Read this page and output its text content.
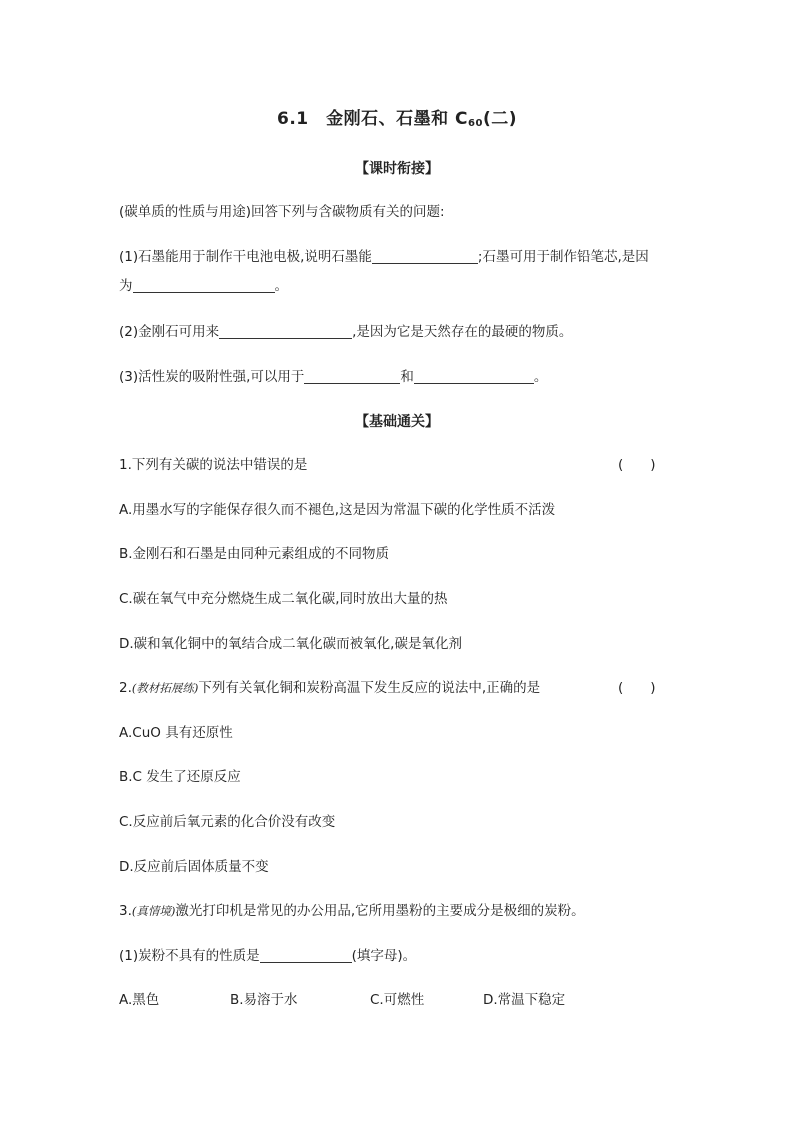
6.1　金刚石、石墨和 $C_{60}$(二)
【课时衔接】
(碳单质的性质与用途)回答下列与含碳物质有关的问题:
(1)石墨能用于制作干电池电极,说明石墨能	;石墨可用于制作铅笔芯,是因
为	。
(2)金刚石可用来	,是因为它是天然存在的最硬的物质。
(3)活性炭的吸附性强,可以用于	和	。
【基础通关】
1.下列有关碳的说法中错误的是	(　　)
A.用墨水写的字能保存很久而不褪色,这是因为常温下碳的化学性质不活泼
B.金刚石和石墨是由同种元素组成的不同物质
C.碳在氧气中充分燃烧生成二氧化碳,同时放出大量的热
D.碳和氧化铜中的氧结合成二氧化碳而被氧化,碳是氧化剂
2.(教材拓展练)下列有关氧化铜和炭粉高温下发生反应的说法中,正确的是	(　　)
A.CuO 具有还原性
B.C 发生了还原反应
C.反应前后氧元素的化合价没有改变
D.反应前后固体质量不变
3.(真情境)激光打印机是常见的办公用品,它所用墨粉的主要成分是极细的炭粉。
(1)炭粉不具有的性质是	(填字母)。
A.黑色	B.易溶于水	C.可燃性	D.常温下稳定
